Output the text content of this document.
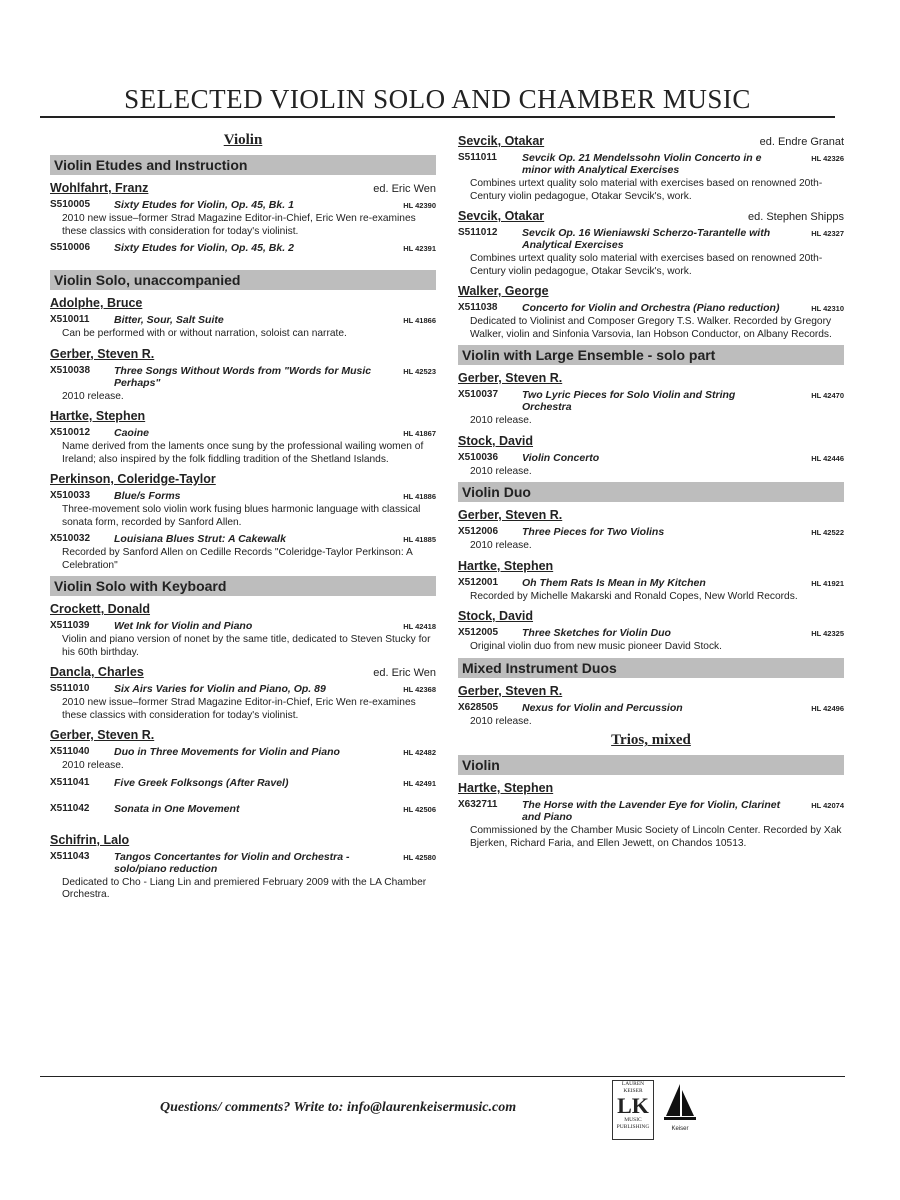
SELECTED VIOLIN SOLO AND CHAMBER MUSIC
Violin
Violin Etudes and Instruction
Wohlfahrt, Franz	ed. Eric Wen
S510005	Sixty Etudes for Violin, Op. 45, Bk. 1	HL 42390
2010 new issue–former Strad Magazine Editor-in-Chief, Eric Wen re-examines these classics with consideration for today's violinist.
S510006	Sixty Etudes for Violin, Op. 45, Bk. 2	HL 42391
Violin Solo, unaccompanied
Adolphe, Bruce
X510011	Bitter, Sour, Salt Suite	HL 41866
Can be performed with or without narration, soloist can narrate.
Gerber, Steven R.
X510038	Three Songs Without Words from "Words for Music Perhaps"
HL 42523
2010 release.
Hartke, Stephen
X510012	Caoine	HL 41867
Name derived from the laments once sung by the professional wailing women of Ireland; also inspired by the folk fiddling tradition of the Shetland Islands.
Perkinson, Coleridge-Taylor
X510033	Blue/s Forms	HL 41886
Three-movement solo violin work fusing blues harmonic language with classical sonata form, recorded by Sanford Allen.
X510032	Louisiana Blues Strut: A Cakewalk	HL 41885
Recorded by Sanford Allen on Cedille Records "Coleridge-Taylor Perkinson: A Celebration"
Violin Solo with Keyboard
Crockett, Donald
X511039	Wet Ink for Violin and Piano	HL 42418
Violin and piano version of nonet by the same title, dedicated to Steven Stucky for his 60th birthday.
Dancla, Charles	ed. Eric Wen
S511010	Six Airs Varies for Violin and Piano, Op. 89	HL 42368
2010 new issue–former Strad Magazine Editor-in-Chief, Eric Wen re-examines these classics with consideration for today's violinist.
Gerber, Steven R.
X511040	Duo in Three Movements for Violin and Piano	HL 42482
2010 release.
X511041	Five Greek Folksongs (After Ravel)	HL 42491
X511042	Sonata in One Movement	HL 42506
Schifrin, Lalo
X511043	Tangos Concertantes for Violin and Orchestra - solo/piano reduction
HL 42580
Dedicated to Cho - Liang Lin and premiered February 2009 with the LA Chamber Orchestra.
Sevcik, Otakar	ed. Endre Granat
S511011	Sevcik Op. 21 Mendelssohn Violin Concerto in e minor with Analytical Exercises
HL 42326
Combines urtext quality solo material with exercises based on renowned 20th-Century violin pedagogue, Otakar Sevcik's, work.
Sevcik, Otakar	ed. Stephen Shipps
S511012	Sevcik Op. 16 Wieniawski Scherzo-Tarantelle with Analytical Exercises
HL 42327
Combines urtext quality solo material with exercises based on renowned 20th-Century violin pedagogue, Otakar Sevcik's, work.
Walker, George
X511038	Concerto for Violin and Orchestra (Piano reduction)	HL 42310
Dedicated to Violinist and Composer Gregory T.S. Walker. Recorded by Gregory Walker, violin and Sinfonia Varsovia, Ian Hobson Conductor, on Albany Records.
Violin with Large Ensemble - solo part
Gerber, Steven R.
X510037	Two Lyric Pieces for Solo Violin and String Orchestra
HL 42470
2010 release.
Stock, David
X510036	Violin Concerto	HL 42446
2010 release.
Violin Duo
Gerber, Steven R.
X512006	Three Pieces for Two Violins	HL 42522
2010 release.
Hartke, Stephen
X512001	Oh Them Rats Is Mean in My Kitchen	HL 41921
Recorded by Michelle Makarski and Ronald Copes, New World Records.
Stock, David
X512005	Three Sketches for Violin Duo	HL 42325
Original violin duo from new music pioneer David Stock.
Mixed Instrument Duos
Gerber, Steven R.
X628505	Nexus for Violin and Percussion	HL 42496
2010 release.
Trios, mixed
Violin
Hartke, Stephen
X632711	The Horse with the Lavender Eye for Violin, Clarinet and Piano
HL 42074
Commissioned by the Chamber Music Society of Lincoln Center. Recorded by Xak Bjerken, Richard Faria, and Ellen Jewett, on Chandos 10513.
Questions/ comments? Write to: info@laurenkeisermusic.com
LAUREN KEISER
LK
MUSIC PUBLISHING	Keiser
